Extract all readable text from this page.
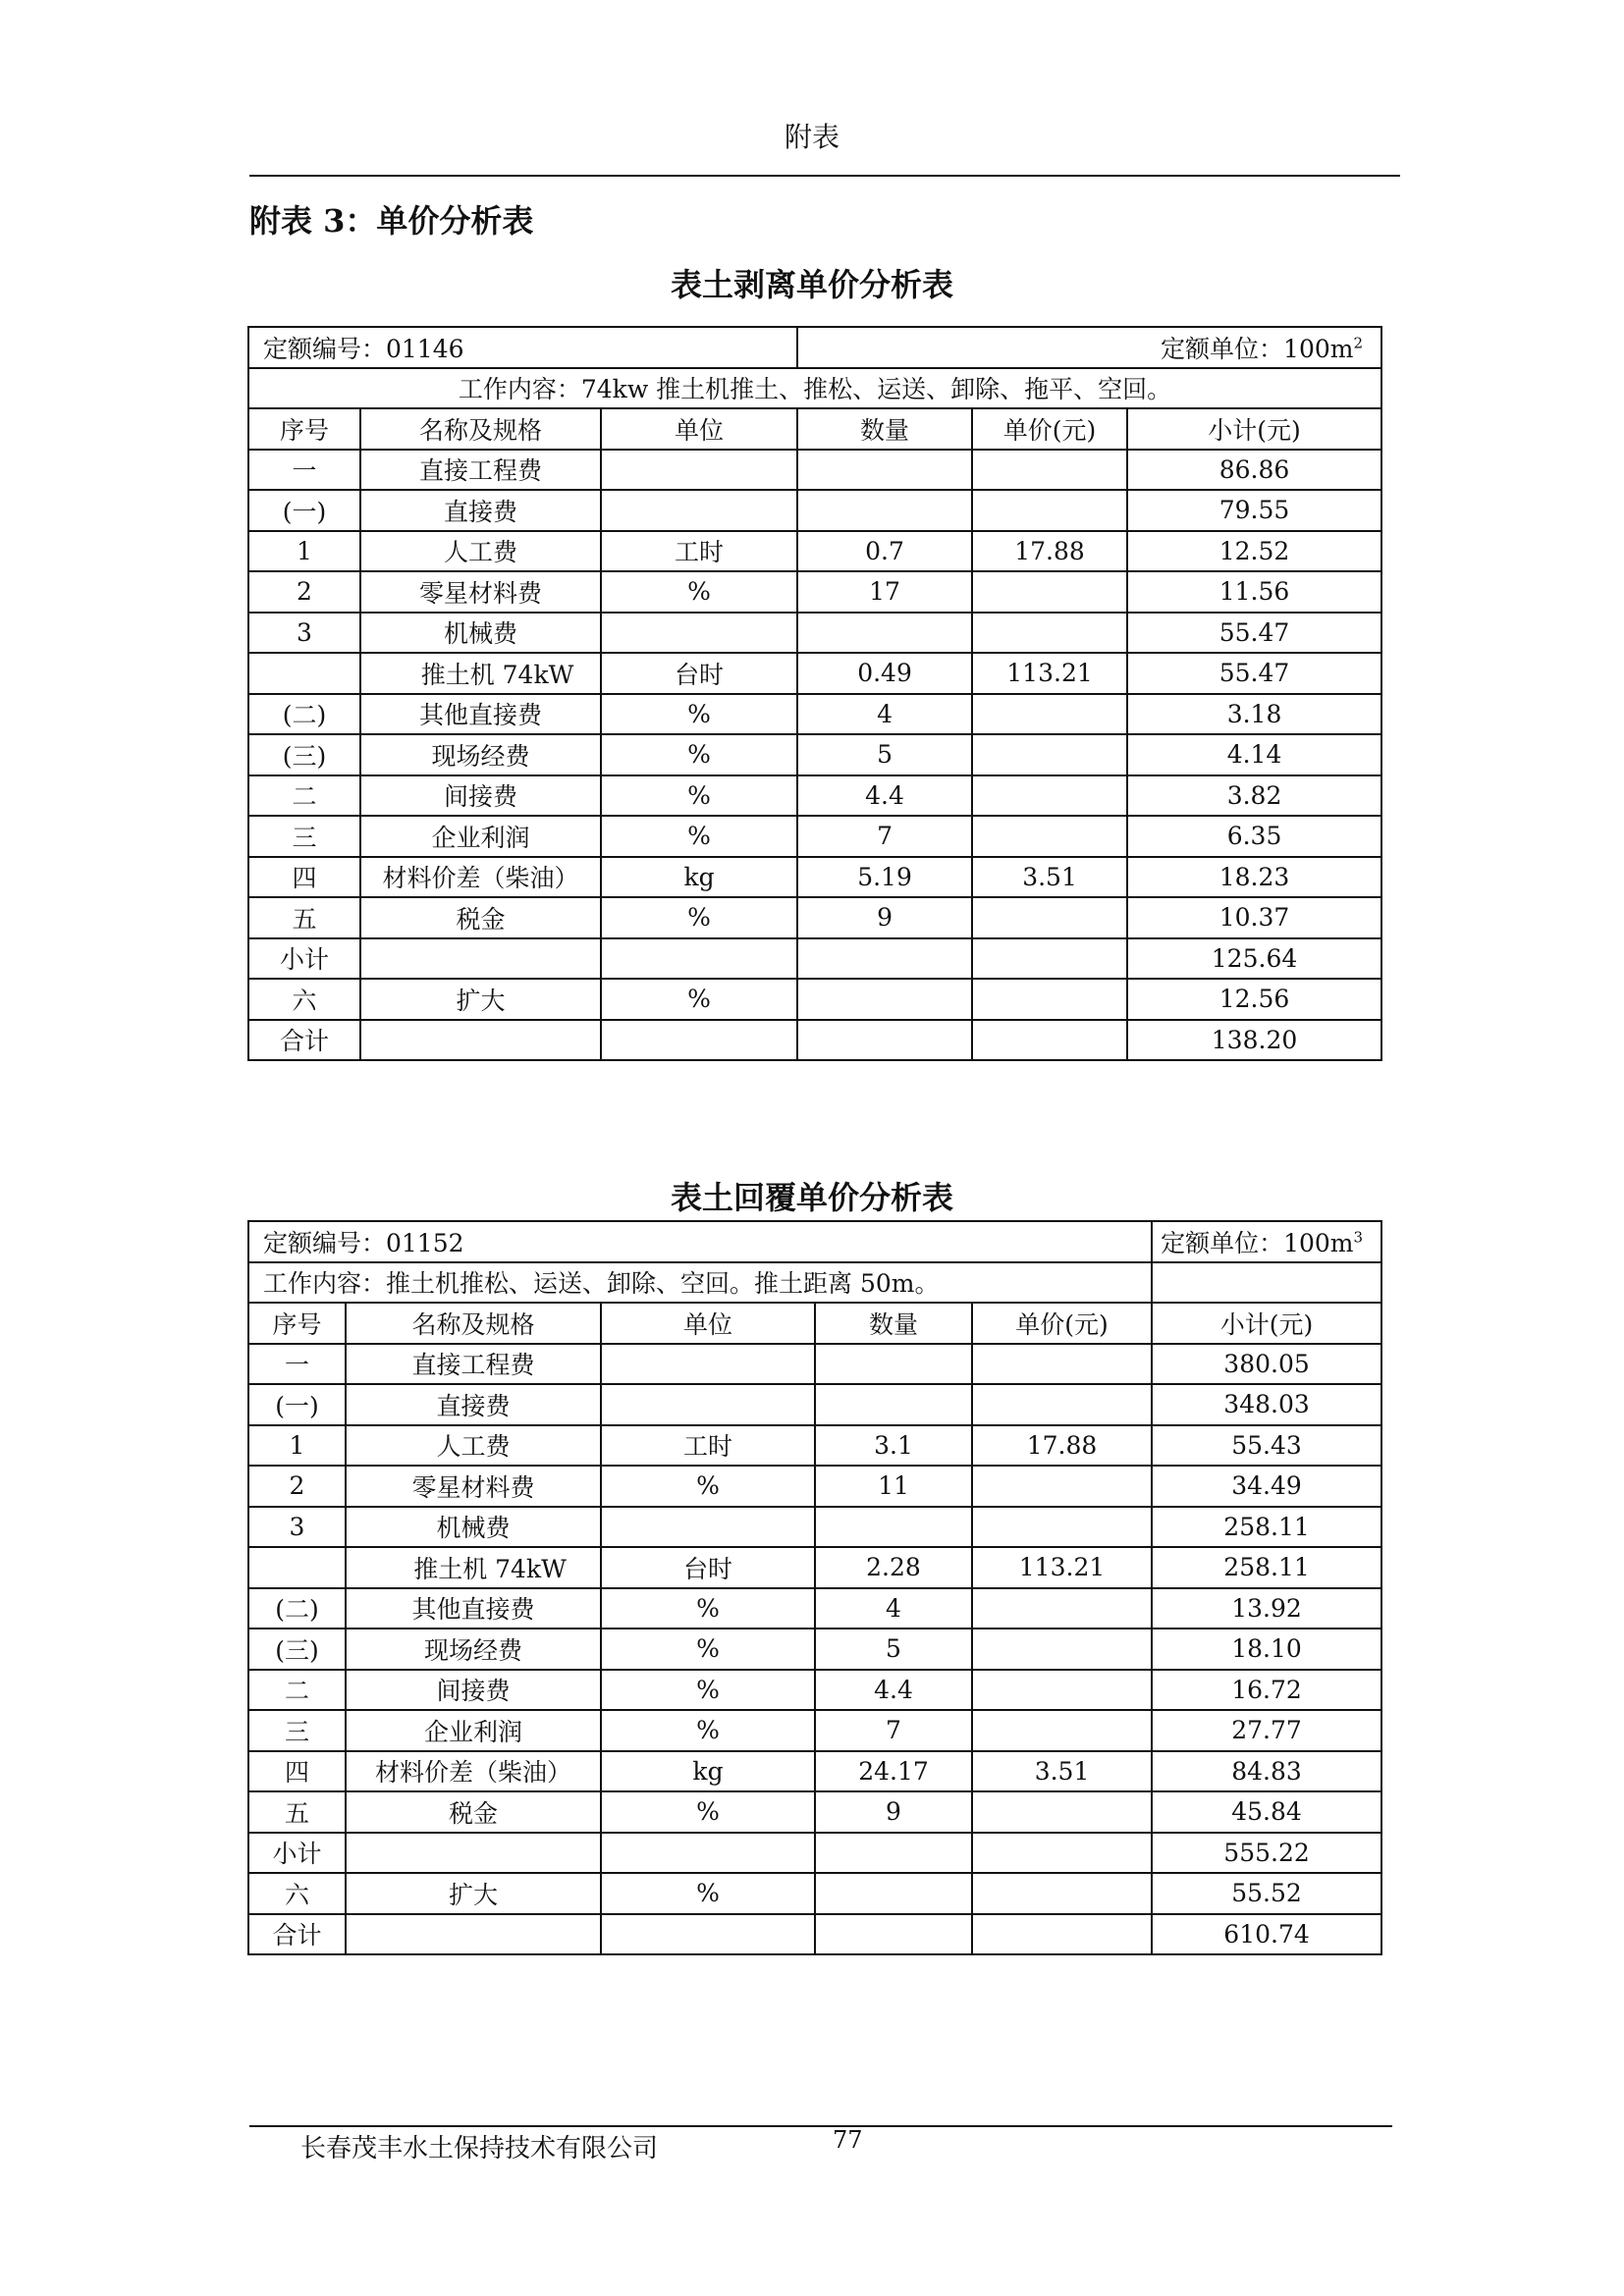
附表
附表 3：单价分析表
表土剥离单价分析表
定额编号：01146			定额单位：$100m^2$
工作内容：74kw 推土机推土、推松、运送、卸除、拖平、空回。					
序号	名称及规格	单位	数量	单价(元)	小计(元)
一	直接工程费				86.86
(一)	直接费				79.55
1	人工费	工时	0.7	17.88	12.52
2	零星材料费	%	17		11.56
3	机械费				55.47
	推土机 74kW	台时	0.49	113.21	55.47
(二)	其他直接费	%	4		3.18
(三)	现场经费	%	5		4.14
二	间接费	%	4.4		3.82
三	企业利润	%	7		6.35
四	材料价差（柴油）	kg	5.19	3.51	18.23
五	税金	%	9		10.37
小计					125.64
六	扩大	%			12.56
合计					138.20
表土回覆单价分析表
定额编号：01152					定额单位：$100m^3$
工作内容：推土机推松、运送、卸除、空回。推土距离 50m。					
序号	名称及规格	单位	数量	单价(元)	小计(元)
一	直接工程费				380.05
(一)	直接费				348.03
1	人工费	工时	3.1	17.88	55.43
2	零星材料费	%	11		34.49
3	机械费				258.11
	推土机 74kW	台时	2.28	113.21	258.11
(二)	其他直接费	%	4		13.92
(三)	现场经费	%	5		18.10
二	间接费	%	4.4		16.72
三	企业利润	%	7		27.77
四	材料价差（柴油）	kg	24.17	3.51	84.83
五	税金	%	9		45.84
小计					555.22
六	扩大	%			55.52
合计					610.74
长春茂丰水土保持技术有限公司	77
